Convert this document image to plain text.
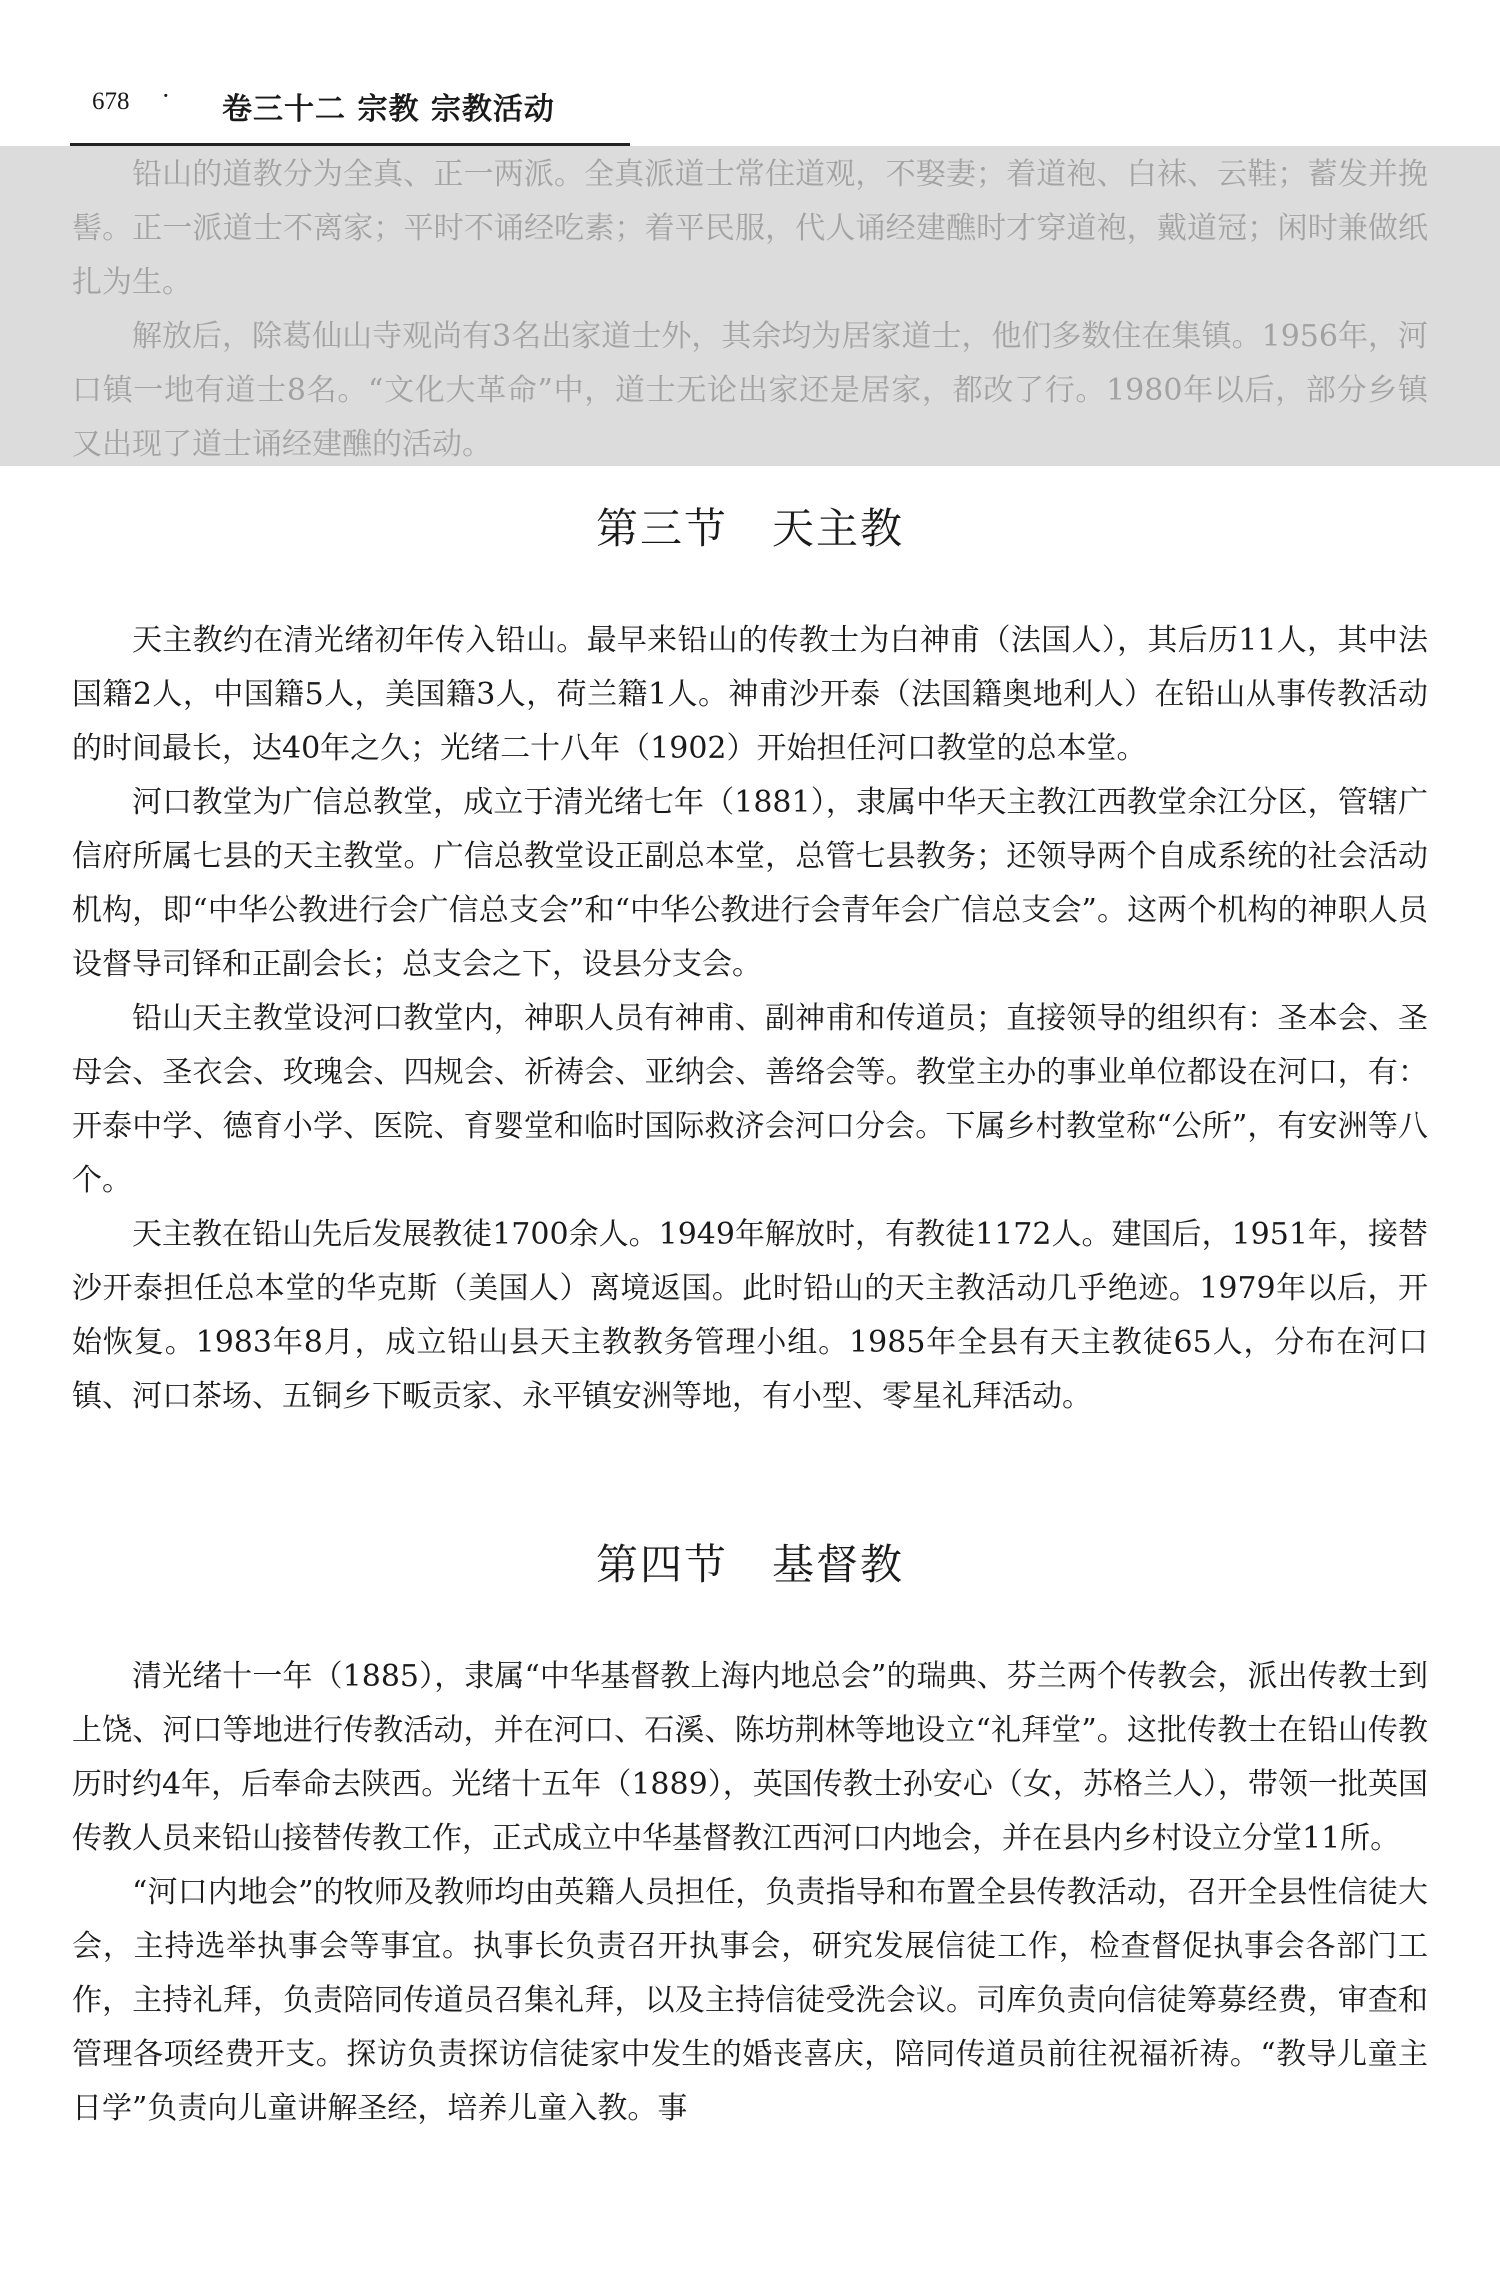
678 · 卷三十二 宗教 宗教活动

铅山的道教分为全真、正一两派。全真派道士常住道观，不娶妻；着道袍、白袜、云鞋；蓄发并挽髻。正一派道士不离家；平时不诵经吃素；着平民服，代人诵经建醮时才穿道袍，戴道冠；闲时兼做纸扎为生。

解放后，除葛仙山寺观尚有3名出家道士外，其余均为居家道士，他们多数住在集镇。1956年，河口镇一地有道士8名。“文化大革命”中，道士无论出家还是居家，都改了行。1980年以后，部分乡镇又出现了道士诵经建醮的活动。

第三节　天主教

天主教约在清光绪初年传入铅山。最早来铅山的传教士为白神甫（法国人），其后历11人，其中法国籍2人，中国籍5人，美国籍3人，荷兰籍1人。神甫沙开泰（法国籍奥地利人）在铅山从事传教活动的时间最长，达40年之久；光绪二十八年（1902）开始担任河口教堂的总本堂。

河口教堂为广信总教堂，成立于清光绪七年（1881），隶属中华天主教江西教堂余江分区，管辖广信府所属七县的天主教堂。广信总教堂设正副总本堂，总管七县教务；还领导两个自成系统的社会活动机构，即“中华公教进行会广信总支会”和“中华公教进行会青年会广信总支会”。这两个机构的神职人员设督导司铎和正副会长；总支会之下，设县分支会。

铅山天主教堂设河口教堂内，神职人员有神甫、副神甫和传道员；直接领导的组织有：圣本会、圣母会、圣衣会、玫瑰会、四规会、祈祷会、亚纳会、善络会等。教堂主办的事业单位都设在河口，有：开泰中学、德育小学、医院、育婴堂和临时国际救济会河口分会。下属乡村教堂称“公所”，有安洲等八个。

天主教在铅山先后发展教徒1700余人。1949年解放时，有教徒1172人。建国后，1951年，接替沙开泰担任总本堂的华克斯（美国人）离境返国。此时铅山的天主教活动几乎绝迹。1979年以后，开始恢复。1983年8月，成立铅山县天主教教务管理小组。1985年全县有天主教徒65人，分布在河口镇、河口茶场、五铜乡下畈贡家、永平镇安洲等地，有小型、零星礼拜活动。

第四节　基督教

清光绪十一年（1885），隶属“中华基督教上海内地总会”的瑞典、芬兰两个传教会，派出传教士到上饶、河口等地进行传教活动，并在河口、石溪、陈坊荆林等地设立“礼拜堂”。这批传教士在铅山传教历时约4年，后奉命去陕西。光绪十五年（1889），英国传教士孙安心（女，苏格兰人），带领一批英国传教人员来铅山接替传教工作，正式成立中华基督教江西河口内地会，并在县内乡村设立分堂11所。

“河口内地会”的牧师及教师均由英籍人员担任，负责指导和布置全县传教活动，召开全县性信徒大会，主持选举执事会等事宜。执事长负责召开执事会，研究发展信徒工作，检查督促执事会各部门工作，主持礼拜，负责陪同传道员召集礼拜，以及主持信徒受洗会议。司库负责向信徒筹募经费，审查和管理各项经费开支。探访负责探访信徒家中发生的婚丧喜庆，陪同传道员前往祝福祈祷。“教导儿童主日学”负责向儿童讲解圣经，培养儿童入教。事
